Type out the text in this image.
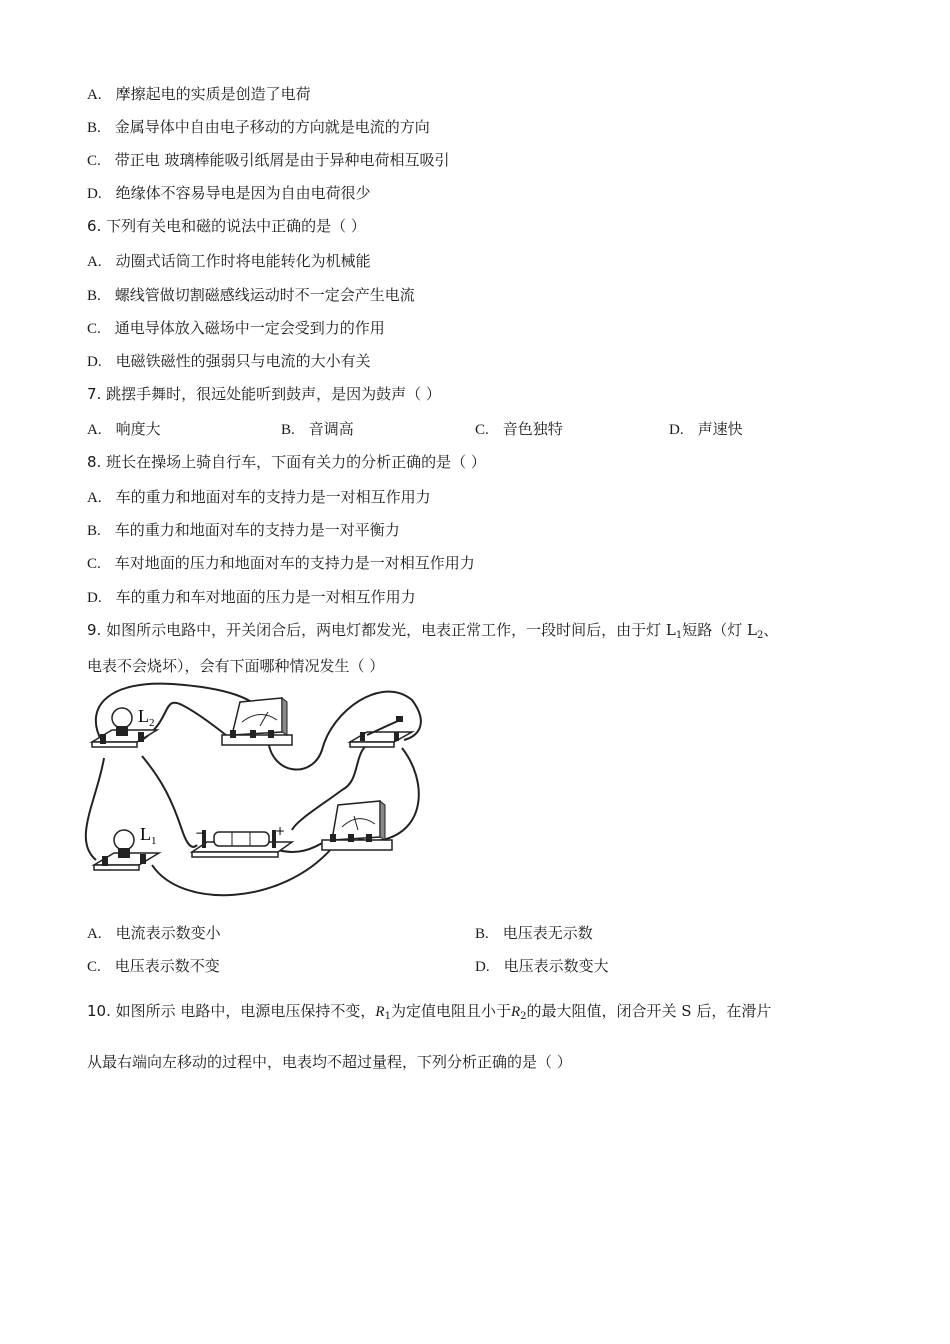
A. 摩擦起电的实质是创造了电荷
B. 金属导体中自由电子移动的方向就是电流的方向
C. 带正电 玻璃棒能吸引纸屑是由于异种电荷相互吸引
D. 绝缘体不容易导电是因为自由电荷很少
6. 下列有关电和磁的说法中正确的是（ ）
A. 动圈式话筒工作时将电能转化为机械能
B. 螺线管做切割磁感线运动时不一定会产生电流
C. 通电导体放入磁场中一定会受到力的作用
D. 电磁铁磁性的强弱只与电流的大小有关
7. 跳摆手舞时，很远处能听到鼓声，是因为鼓声（ ）
A. 响度大	B. 音调高	C. 音色独特	D. 声速快
8. 班长在操场上骑自行车，下面有关力的分析正确的是（ ）
A. 车的重力和地面对车的支持力是一对相互作用力
B. 车的重力和地面对车的支持力是一对平衡力
C. 车对地面的压力和地面对车的支持力是一对相互作用力
D. 车的重力和车对地面的压力是一对相互作用力
9. 如图所示电路中，开关闭合后，两电灯都发光，电表正常工作，一段时间后，由于灯 $L_1$短路（灯 $L_2$、
电表不会烧坏），会有下面哪种情况发生（ ）
$L_2$
$L_1$
−	+
A. 电流表示数变小	B. 电压表无示数
C. 电压表示数不变	D. 电压表示数变大
10. 如图所示 电路中，电源电压保持不变，$R_1$为定值电阻且小于$R_2$的最大阻值，闭合开关 S 后，在滑片
从最右端向左移动的过程中，电表均不超过量程，下列分析正确的是（ ）
